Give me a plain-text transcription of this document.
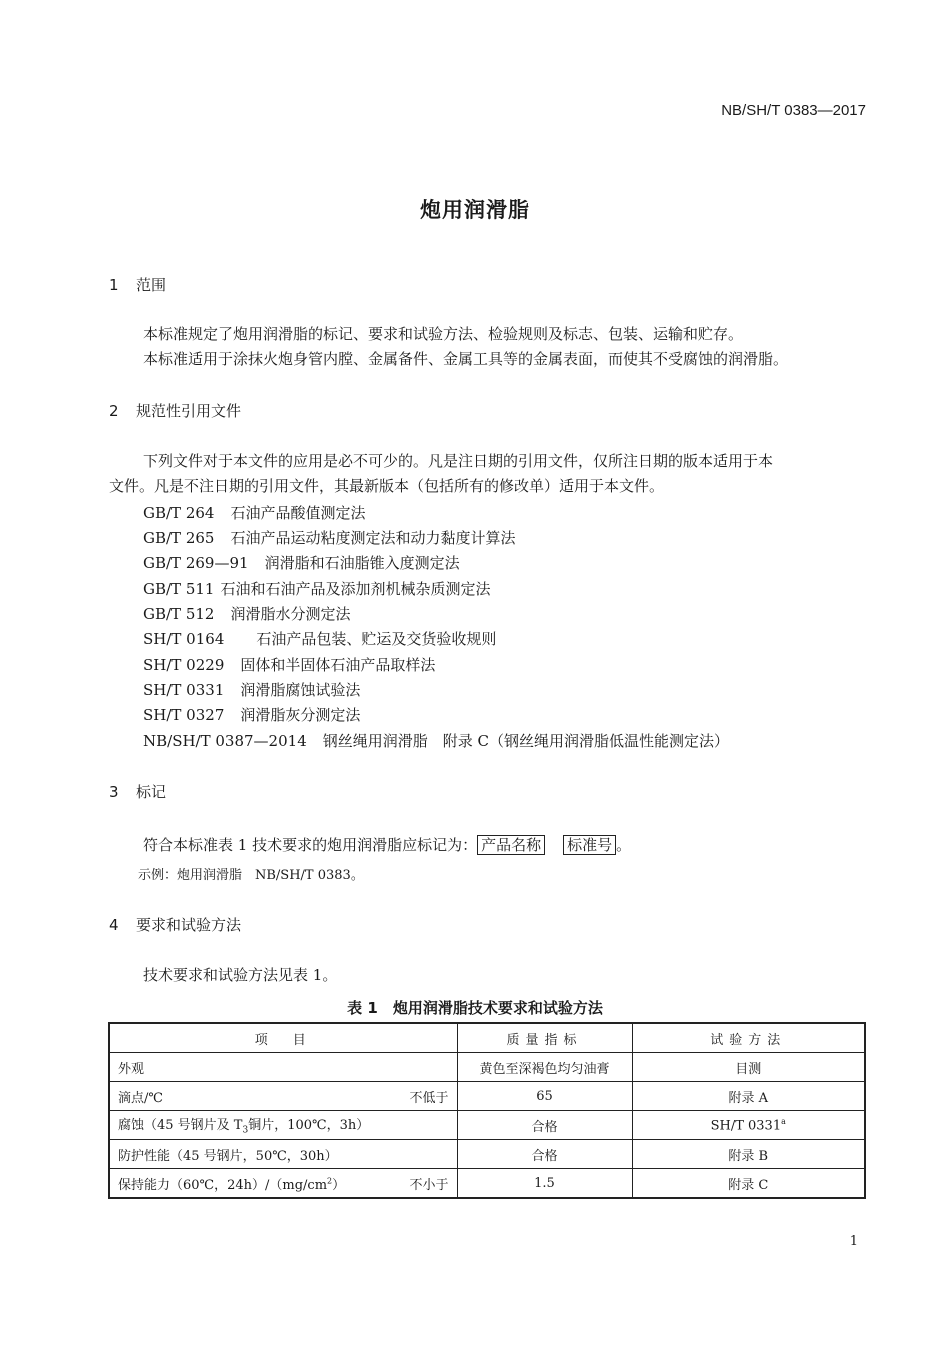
NB/SH/T 0383—2017
炮用润滑脂
1 范围
本标准规定了炮用润滑脂的标记、要求和试验方法、检验规则及标志、包装、运输和贮存。
本标准适用于涂抹火炮身管内膛、金属备件、金属工具等的金属表面，而使其不受腐蚀的润滑脂。
2 规范性引用文件
下列文件对于本文件的应用是必不可少的。凡是注日期的引用文件，仅所注日期的版本适用于本
文件。凡是不注日期的引用文件，其最新版本（包括所有的修改单）适用于本文件。
GB/T 264 石油产品酸值测定法
GB/T 265 石油产品运动粘度测定法和动力黏度计算法
GB/T 269—91 润滑脂和石油脂锥入度测定法
GB/T 511 石油和石油产品及添加剂机械杂质测定法
GB/T 512 润滑脂水分测定法
SH/T 0164 石油产品包装、贮运及交货验收规则
SH/T 0229 固体和半固体石油产品取样法
SH/T 0331 润滑脂腐蚀试验法
SH/T 0327 润滑脂灰分测定法
NB/SH/T 0387—2014 钢丝绳用润滑脂　附录 C（钢丝绳用润滑脂低温性能测定法）
3 标记
符合本标准表 1 技术要求的炮用润滑脂应标记为： 产品名称 标准号 。
示例：炮用润滑脂　NB/SH/T 0383。
4 要求和试验方法
技术要求和试验方法见表 1。
表 1　炮用润滑脂技术要求和试验方法
项　目	质量指标	试验方法

外观	黄色至深褐色均匀油膏	目测

滴点/℃ 不低于	65	附录 A

腐蚀（45 号钢片及 $T_3$铜片，100℃，3h）	合格	SH/T 0331$^a$

防护性能（45 号钢片，50℃，30h）	合格	附录 B

保持能力（60℃，$24h)/(mg/cm^2)$ 不小于	1.5	附录 C
1
